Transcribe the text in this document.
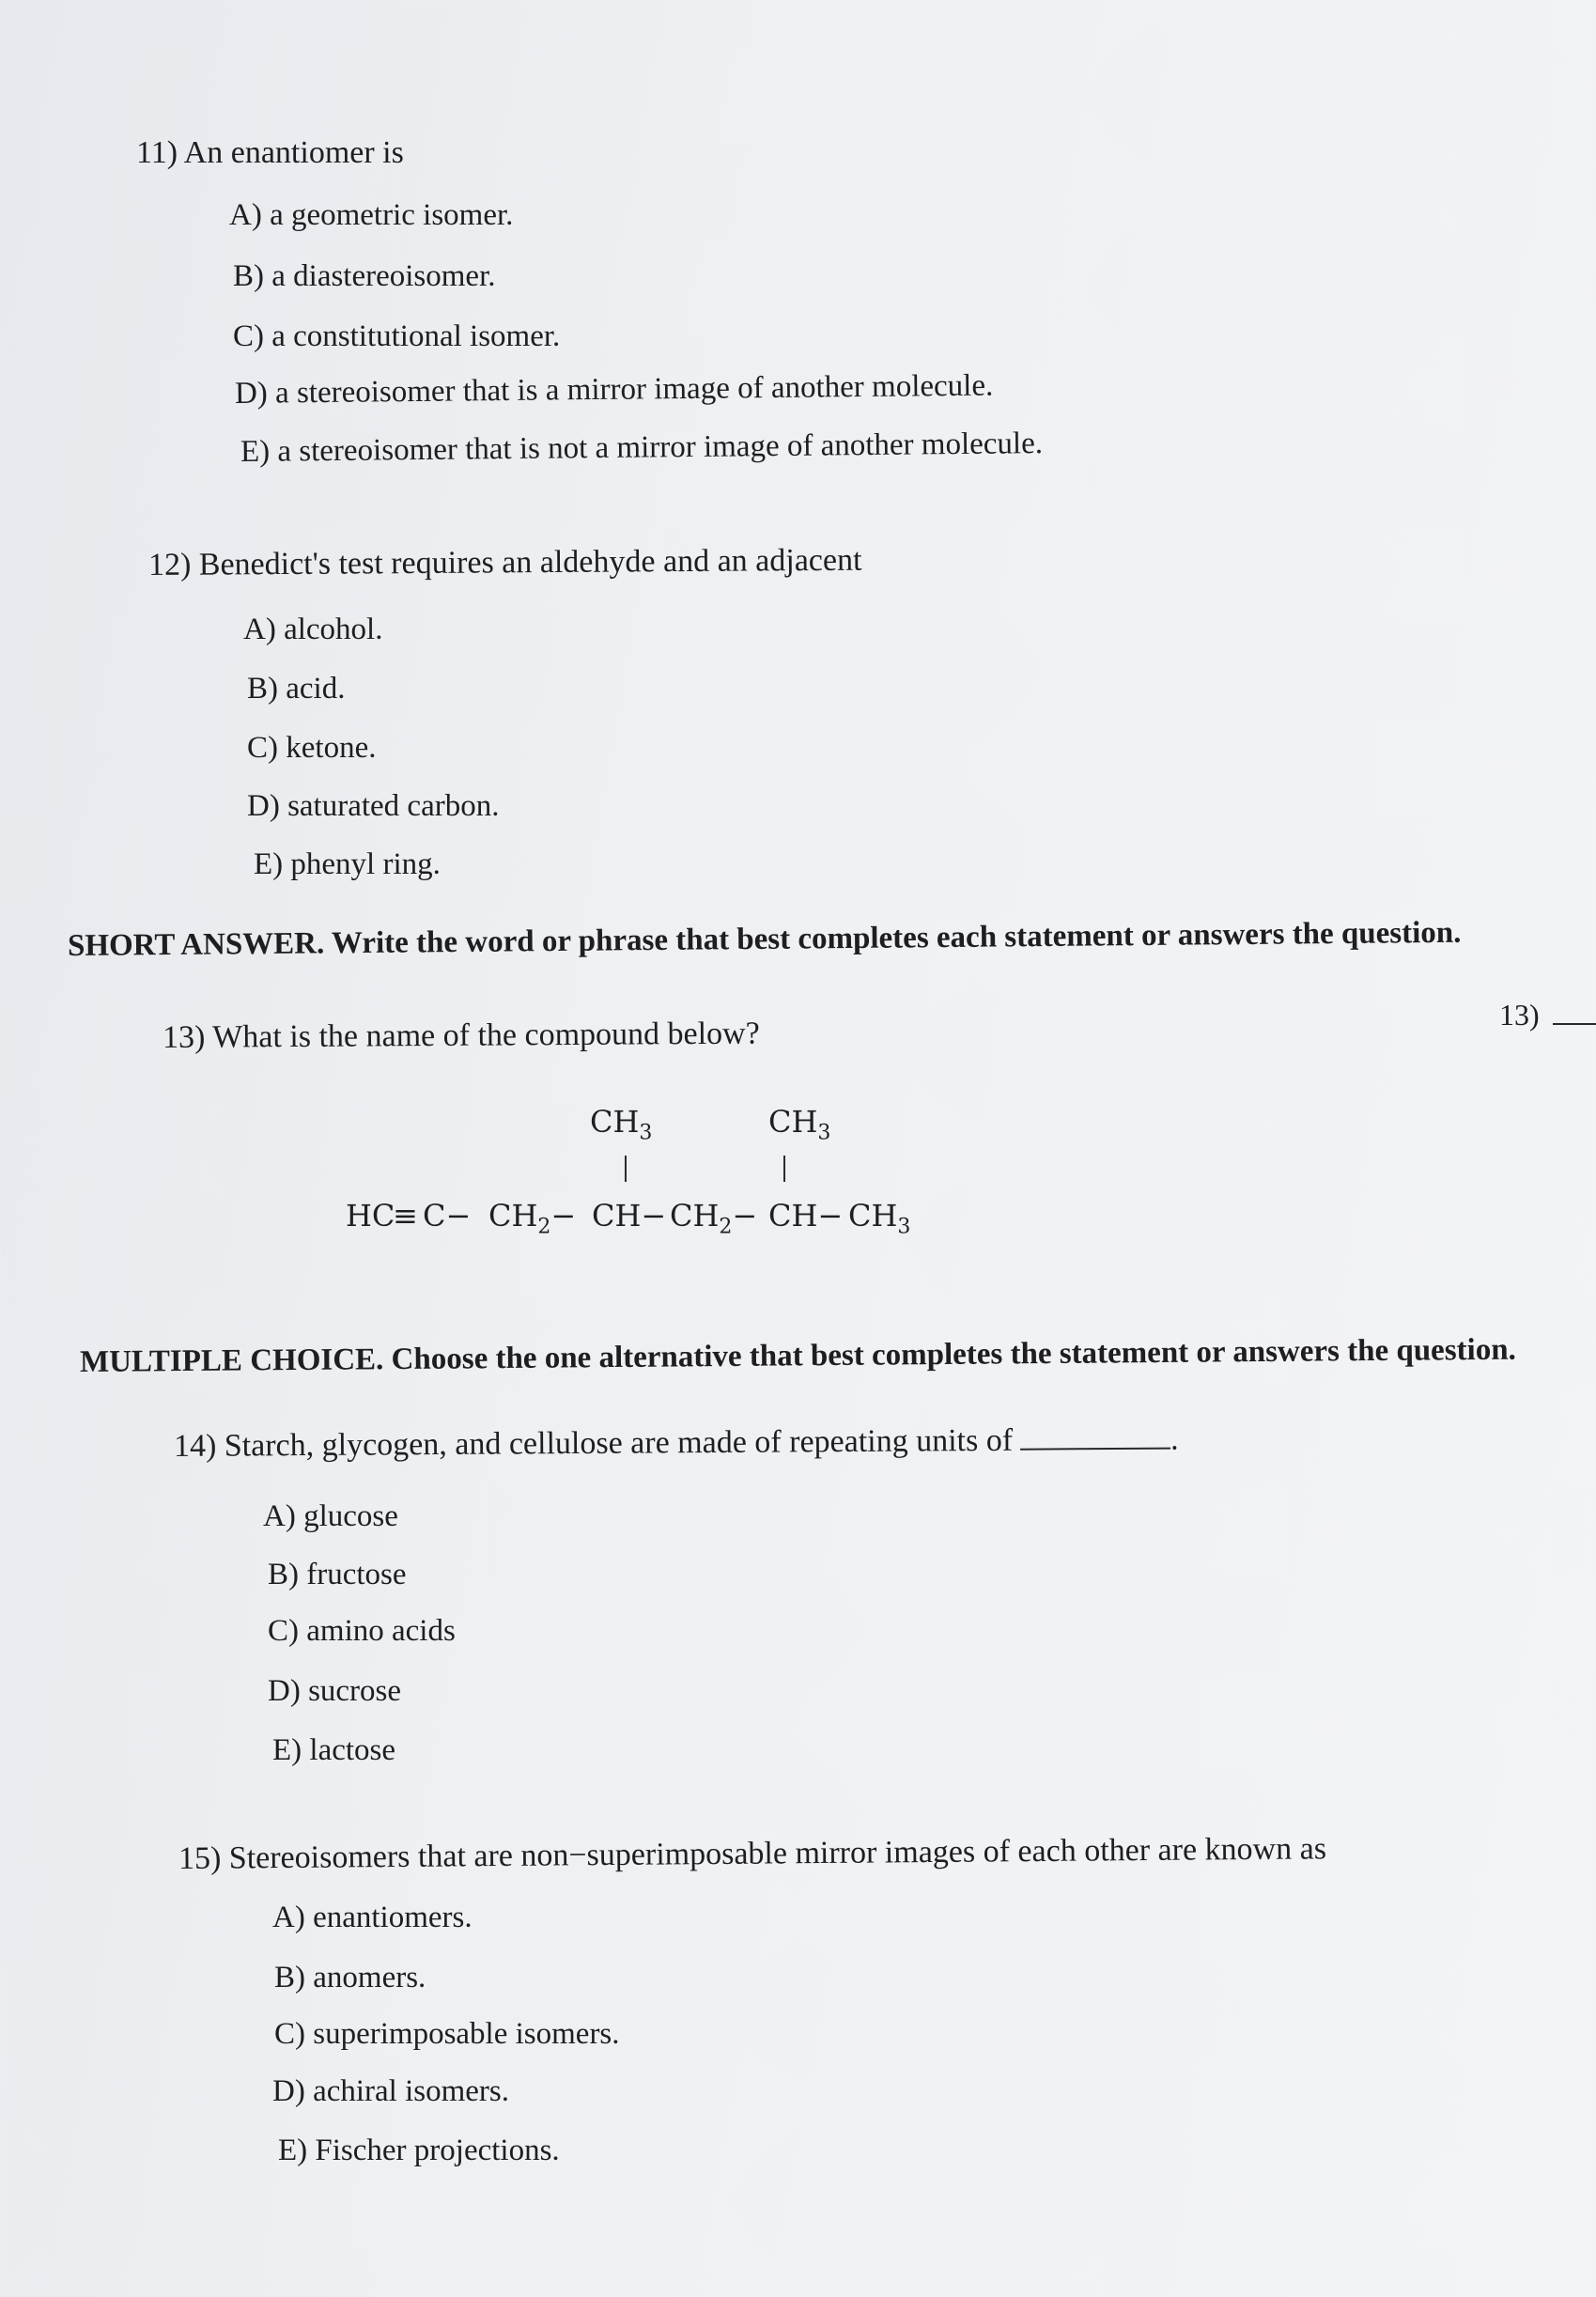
11) An enantiomer is
A) a geometric isomer.
B) a diastereoisomer.
C) a constitutional isomer.
D) a stereoisomer that is a mirror image of another molecule.
E) a stereoisomer that is not a mirror image of another molecule.
12) Benedict's test requires an aldehyde and an adjacent
A) alcohol.
B) acid.
C) ketone.
D) saturated carbon.
E) phenyl ring.
SHORT ANSWER. Write the word or phrase that best completes each statement or answers the question.
13) What is the name of the compound below?
13)
$CH_3$	$CH_3$
HC
≡ $C- CH_2- CH- CH_2- CH- CH_3$
MULTIPLE CHOICE. Choose the one alternative that best completes the statement or answers the question.
14) Starch, glycogen, and cellulose are made of repeating units of	.
A) glucose
B) fructose
C) amino acids
D) sucrose
E) lactose
15) Stereoisomers that are non−superimposable mirror images of each other are known as
A) enantiomers.
B) anomers.
C) superimposable isomers.
D) achiral isomers.
E) Fischer projections.
